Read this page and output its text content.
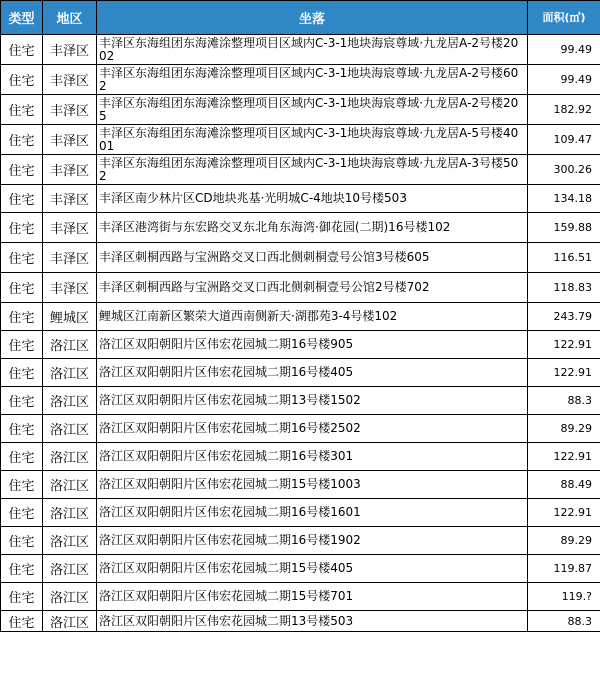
类型	地区	坐落	面积(㎡)
住宅	丰泽区	丰泽区东海组团东海滩涂整理项目区域内C-3-1地块海宸尊域·九龙居A-2号楼2002	99.49
住宅	丰泽区	丰泽区东海组团东海滩涂整理项目区域内C-3-1地块海宸尊域·九龙居A-2号楼602	99.49
住宅	丰泽区	丰泽区东海组团东海滩涂整理项目区域内C-3-1地块海宸尊域·九龙居A-2号楼205	182.92
住宅	丰泽区	丰泽区东海组团东海滩涂整理项目区域内C-3-1地块海宸尊域·九龙居A-5号楼4001	109.47
住宅	丰泽区	丰泽区东海组团东海滩涂整理项目区域内C-3-1地块海宸尊域·九龙居A-3号楼502	300.26
住宅	丰泽区	丰泽区南少林片区CD地块兆基·光明城C-4地块10号楼503	134.18
住宅	丰泽区	丰泽区港湾街与东宏路交叉东北角东海湾·御花园(二期)16号楼102	159.88
住宅	丰泽区	丰泽区刺桐西路与宝洲路交叉口西北侧刺桐壹号公馆3号楼605	116.51
住宅	丰泽区	丰泽区刺桐西路与宝洲路交叉口西北侧刺桐壹号公馆2号楼702	118.83
住宅	鲤城区	鲤城区江南新区繁荣大道西南侧新天·湖郡苑3-4号楼102	243.79
住宅	洛江区	洛江区双阳朝阳片区伟宏花园城二期16号楼905	122.91
住宅	洛江区	洛江区双阳朝阳片区伟宏花园城二期16号楼405	122.91
住宅	洛江区	洛江区双阳朝阳片区伟宏花园城二期13号楼1502	88.3
住宅	洛江区	洛江区双阳朝阳片区伟宏花园城二期16号楼2502	89.29
住宅	洛江区	洛江区双阳朝阳片区伟宏花园城二期16号楼301	122.91
住宅	洛江区	洛江区双阳朝阳片区伟宏花园城二期15号楼1003	88.49
住宅	洛江区	洛江区双阳朝阳片区伟宏花园城二期16号楼1601	122.91
住宅	洛江区	洛江区双阳朝阳片区伟宏花园城二期16号楼1902	89.29
住宅	洛江区	洛江区双阳朝阳片区伟宏花园城二期15号楼405	119.87
住宅	洛江区	洛江区双阳朝阳片区伟宏花园城二期15号楼701	119.?
住宅	洛江区	洛江区双阳朝阳片区伟宏花园城二期13号楼503	88.3
